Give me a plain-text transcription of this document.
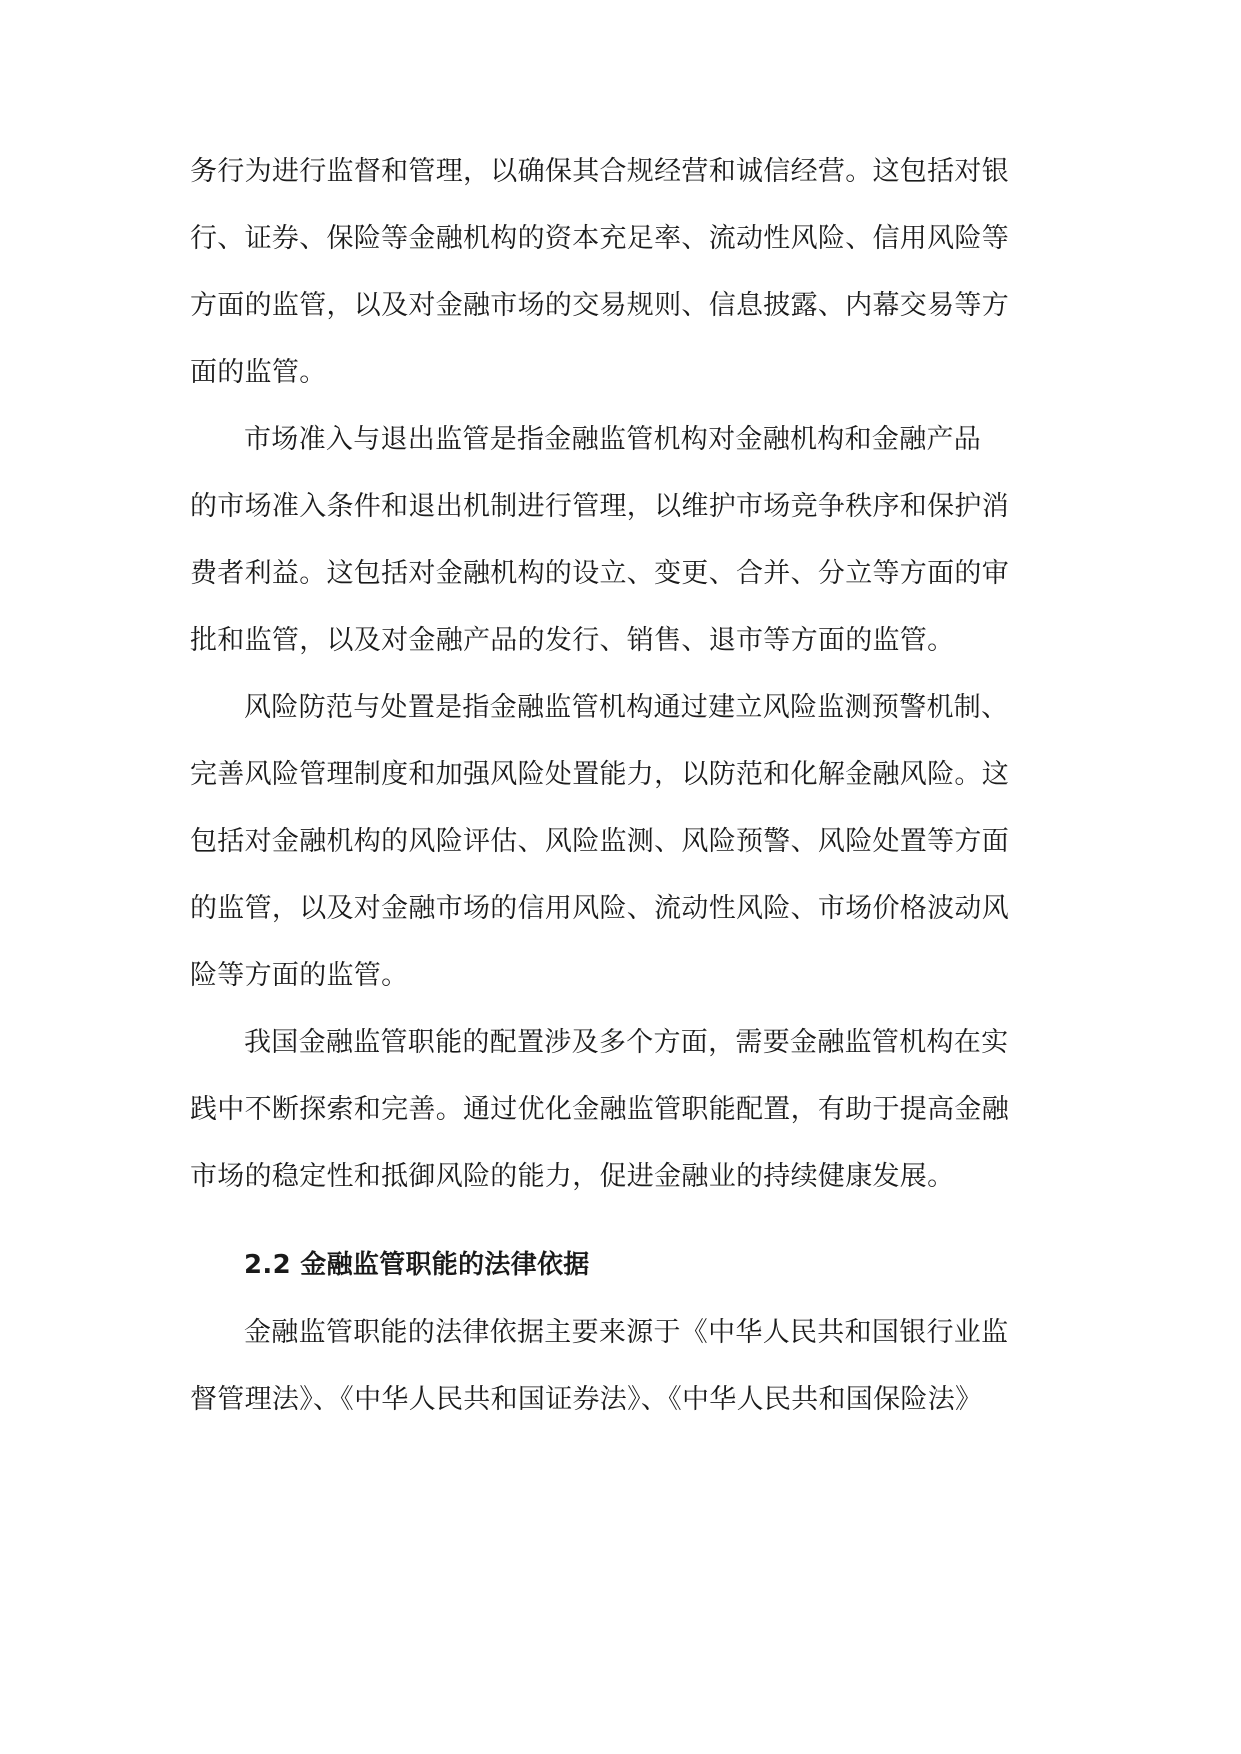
务行为进行监督和管理，以确保其合规经营和诚信经营。这包括对银
行、证券、保险等金融机构的资本充足率、流动性风险、信用风险等
方面的监管，以及对金融市场的交易规则、信息披露、内幕交易等方
面的监管。
市场准入与退出监管是指金融监管机构对金融机构和金融产品
的市场准入条件和退出机制进行管理，以维护市场竞争秩序和保护消
费者利益。这包括对金融机构的设立、变更、合并、分立等方面的审
批和监管，以及对金融产品的发行、销售、退市等方面的监管。
风险防范与处置是指金融监管机构通过建立风险监测预警机制、
完善风险管理制度和加强风险处置能力，以防范和化解金融风险。这
包括对金融机构的风险评估、风险监测、风险预警、风险处置等方面
的监管，以及对金融市场的信用风险、流动性风险、市场价格波动风
险等方面的监管。
我国金融监管职能的配置涉及多个方面，需要金融监管机构在实
践中不断探索和完善。通过优化金融监管职能配置，有助于提高金融
市场的稳定性和抵御风险的能力，促进金融业的持续健康发展。
2.2 金融监管职能的法律依据
金融监管职能的法律依据主要来源于《中华人民共和国银行业监
督管理法》、《中华人民共和国证券法》、《中华人民共和国保险法》
